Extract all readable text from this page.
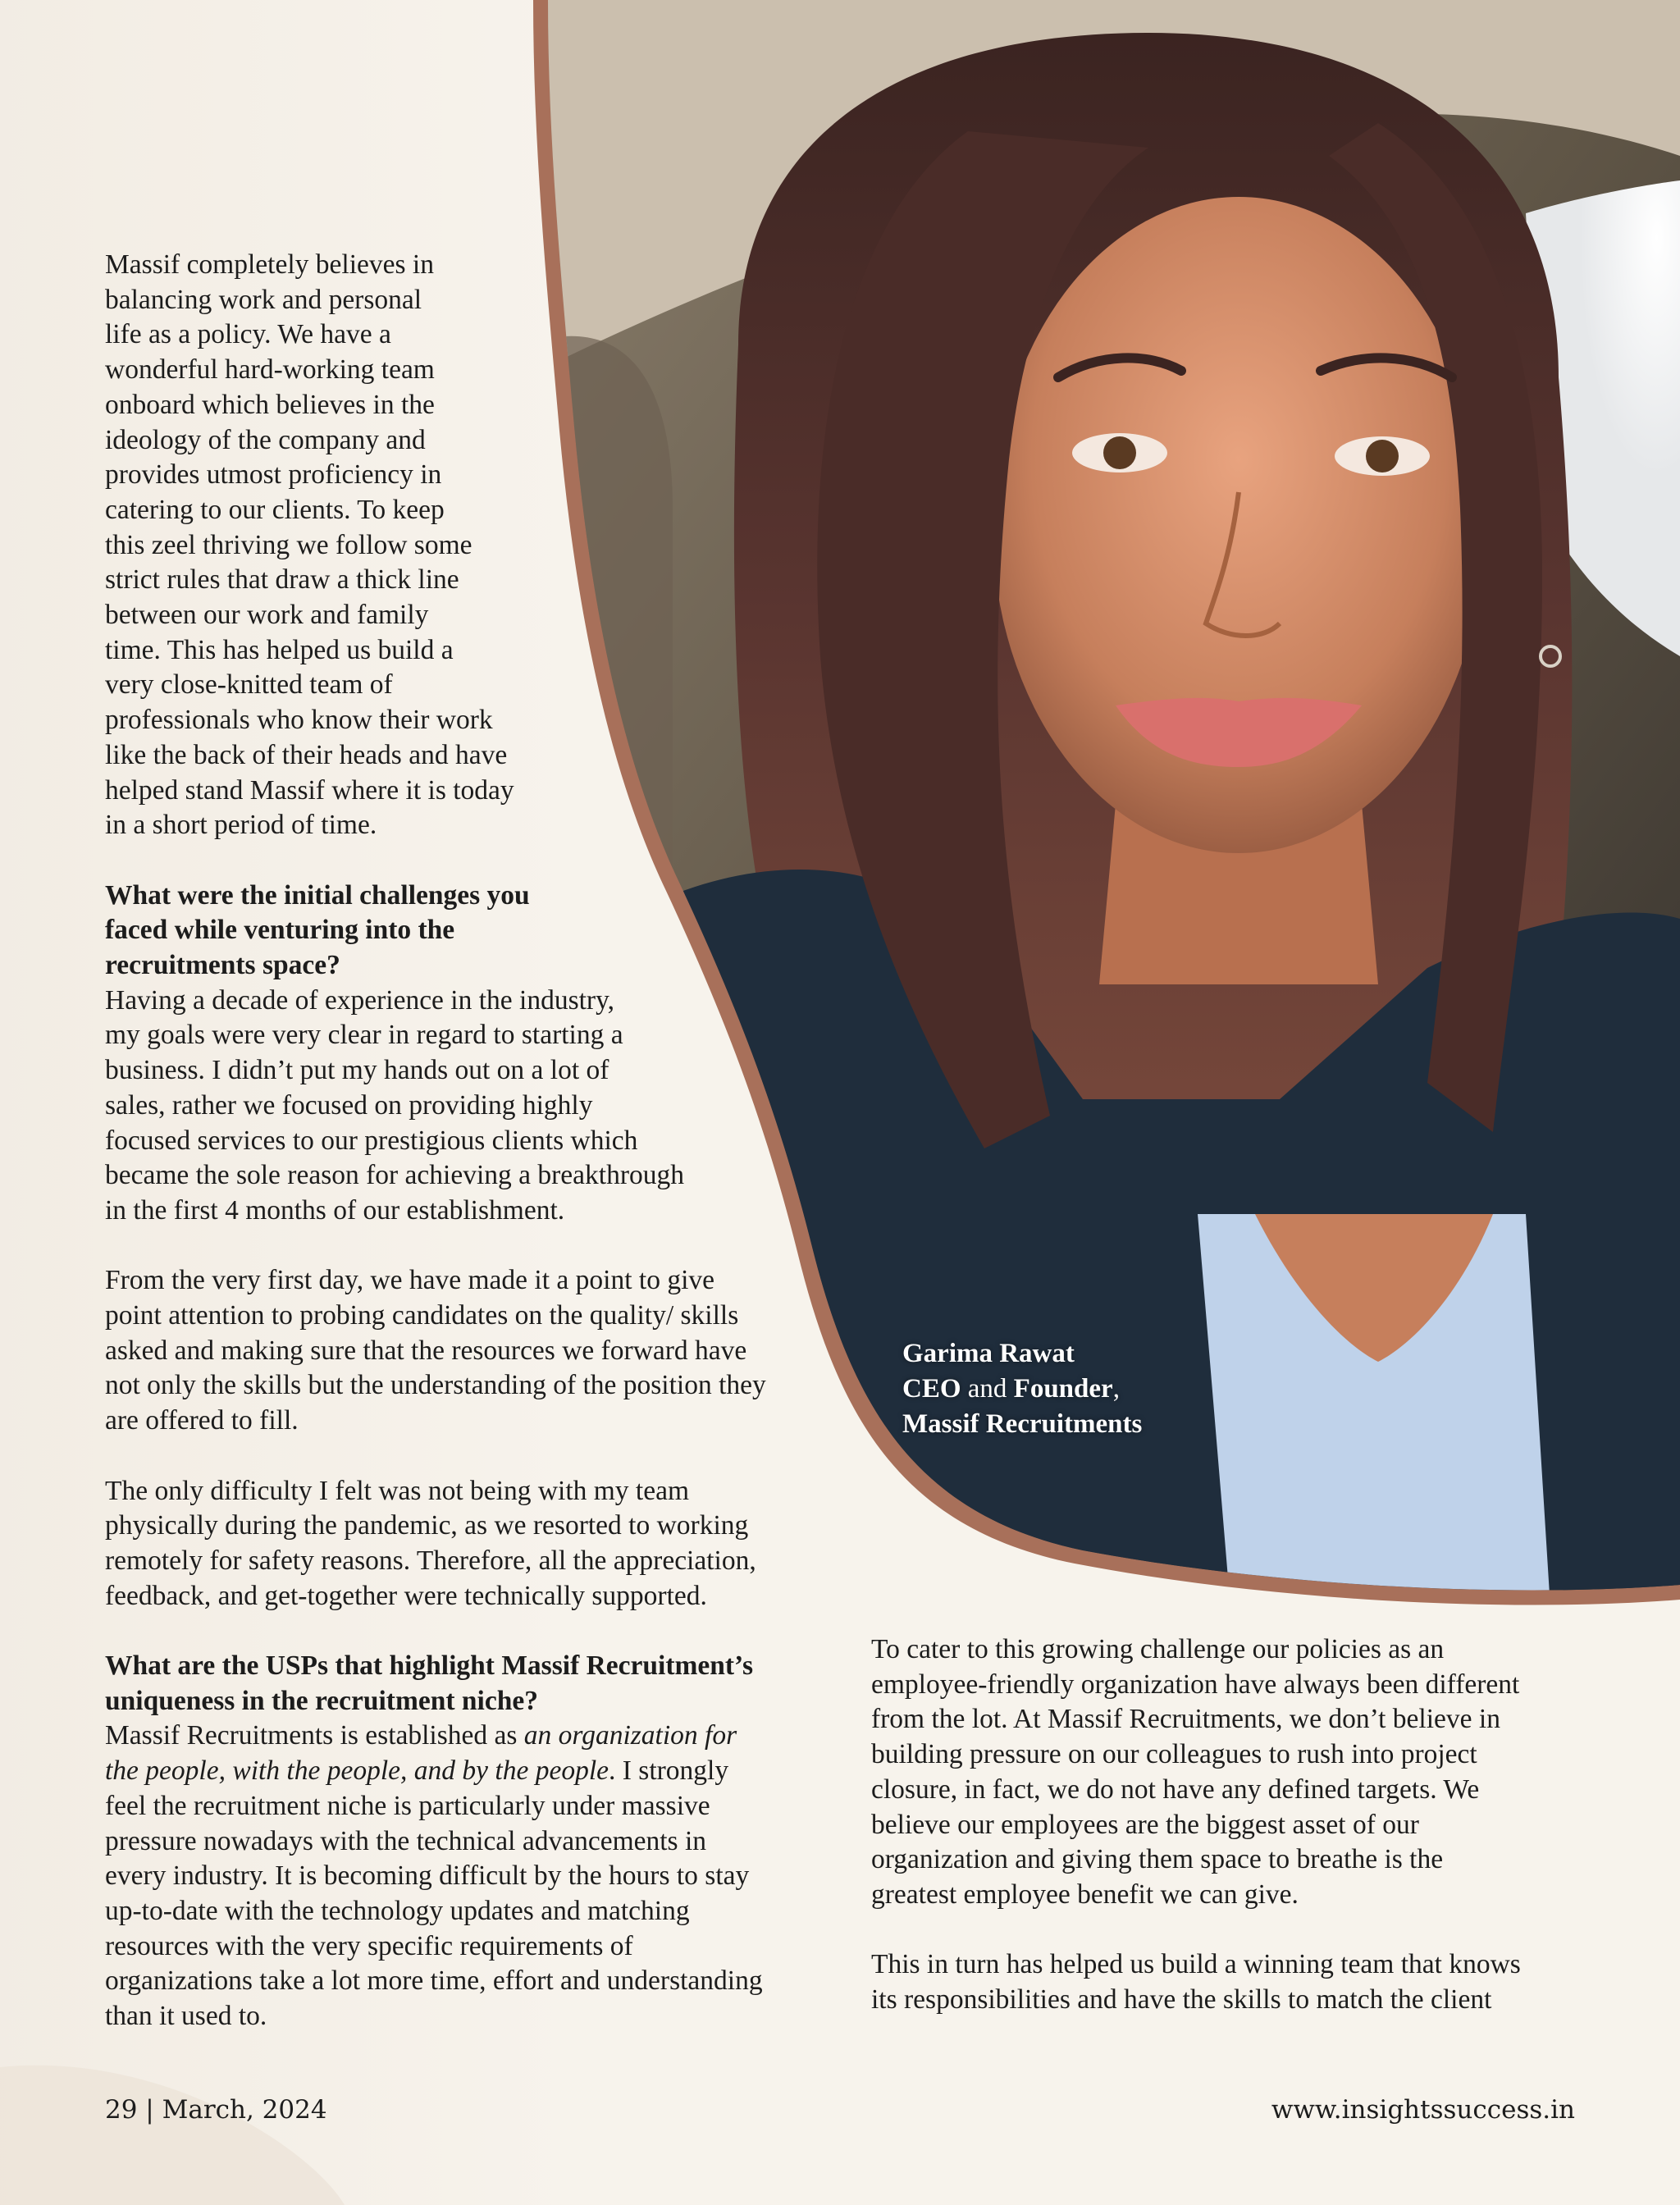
Massif completely believes in

balancing work and personal

life as a policy. We have a

wonderful hard-working team

onboard which believes in the

ideology of the company and

provides utmost proficiency in

catering to our clients. To keep

this zeel thriving we follow some

strict rules that draw a thick line

between our work and family

time. This has helped us build a

very close-knitted team of

professionals who know their work

like the back of their heads and have

helped stand Massif where it is today

in a short period of time.

What were the initial challenges you

faced while venturing into the

recruitments space?

Having a decade of experience in the industry,

my goals were very clear in regard to starting a

business. I didn’t put my hands out on a lot of

sales, rather we focused on providing highly

focused services to our prestigious clients which

became the sole reason for achieving a breakthrough

in the first 4 months of our establishment.

From the very first day, we have made it a point to give

point attention to probing candidates on the quality/ skills

asked and making sure that the resources we forward have

not only the skills but the understanding of the position they

are offered to fill.

The only difficulty I felt was not being with my team

physically during the pandemic, as we resorted to working

remotely for safety reasons. Therefore, all the appreciation,

feedback, and get-together were technically supported.

What are the USPs that highlight Massif Recruitment’s

uniqueness in the recruitment niche?

Massif Recruitments is established as an organization for

the people, with the people, and by the people. I strongly

feel the recruitment niche is particularly under massive

pressure nowadays with the technical advancements in

every industry. It is becoming difficult by the hours to stay

up-to-date with the technology updates and matching

resources with the very specific requirements of

organizations take a lot more time, effort and understanding

than it used to.

Garima Rawat
CEO and Founder,
Massif Recruitments

To cater to this growing challenge our policies as an

employee-friendly organization have always been different

from the lot. At Massif Recruitments, we don’t believe in

building pressure on our colleagues to rush into project

closure, in fact, we do not have any defined targets. We

believe our employees are the biggest asset of our

organization and giving them space to breathe is the

greatest employee benefit we can give.

This in turn has helped us build a winning team that knows

its responsibilities and have the skills to match the client

29 | March, 2024	www.insightssuccess.in
